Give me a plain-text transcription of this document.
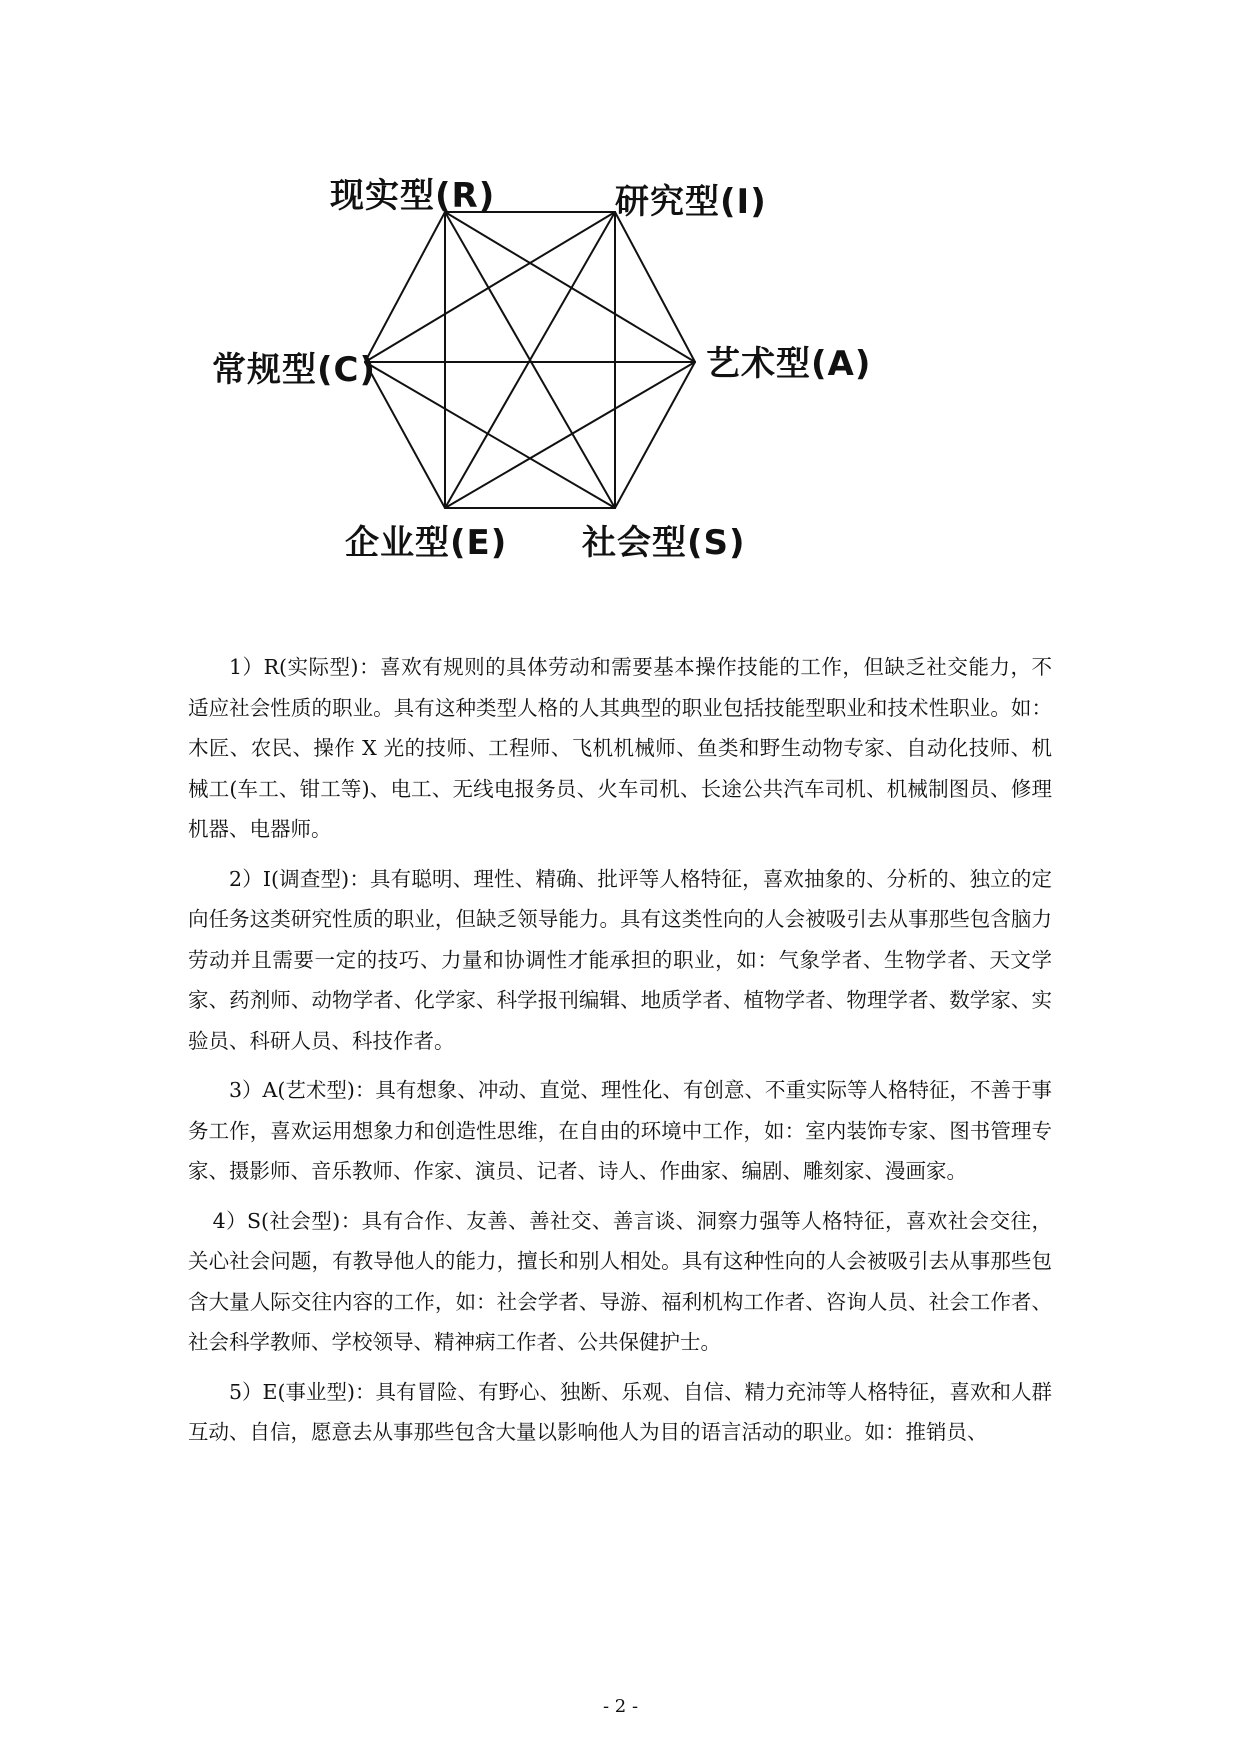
现实型(R)	研究型(I)
艺术型(A)
常规型(C)
企业型(E) 社会型(S)

1）R(实际型)：喜欢有规则的具体劳动和需要基本操作技能的工作，但缺乏社交能力，不适应社会性质的职业。具有这种类型人格的人其典型的职业包括技能型职业和技术性职业。如：木匠、农民、操作 X 光的技师、工程师、飞机机械师、鱼类和野生动物专家、自动化技师、机械工(车工、钳工等)、电工、无线电报务员、火车司机、长途公共汽车司机、机械制图员、修理机器、电器师。

2）I(调查型)：具有聪明、理性、精确、批评等人格特征，喜欢抽象的、分析的、独立的定向任务这类研究性质的职业，但缺乏领导能力。具有这类性向的人会被吸引去从事那些包含脑力劳动并且需要一定的技巧、力量和协调性才能承担的职业，如：气象学者、生物学者、天文学家、药剂师、动物学者、化学家、科学报刊编辑、地质学者、植物学者、物理学者、数学家、实验员、科研人员、科技作者。

3）A(艺术型)：具有想象、冲动、直觉、理性化、有创意、不重实际等人格特征，不善于事务工作，喜欢运用想象力和创造性思维，在自由的环境中工作，如：室内装饰专家、图书管理专家、摄影师、音乐教师、作家、演员、记者、诗人、作曲家、编剧、雕刻家、漫画家。

4）S(社会型)：具有合作、友善、善社交、善言谈、洞察力强等人格特征，喜欢社会交往，关心社会问题，有教导他人的能力，擅长和别人相处。具有这种性向的人会被吸引去从事那些包含大量人际交往内容的工作，如：社会学者、导游、福利机构工作者、咨询人员、社会工作者、社会科学教师、学校领导、精神病工作者、公共保健护士。

5）E(事业型)：具有冒险、有野心、独断、乐观、自信、精力充沛等人格特征，喜欢和人群互动、自信，愿意去从事那些包含大量以影响他人为目的语言活动的职业。如：推销员、

- 2 -
